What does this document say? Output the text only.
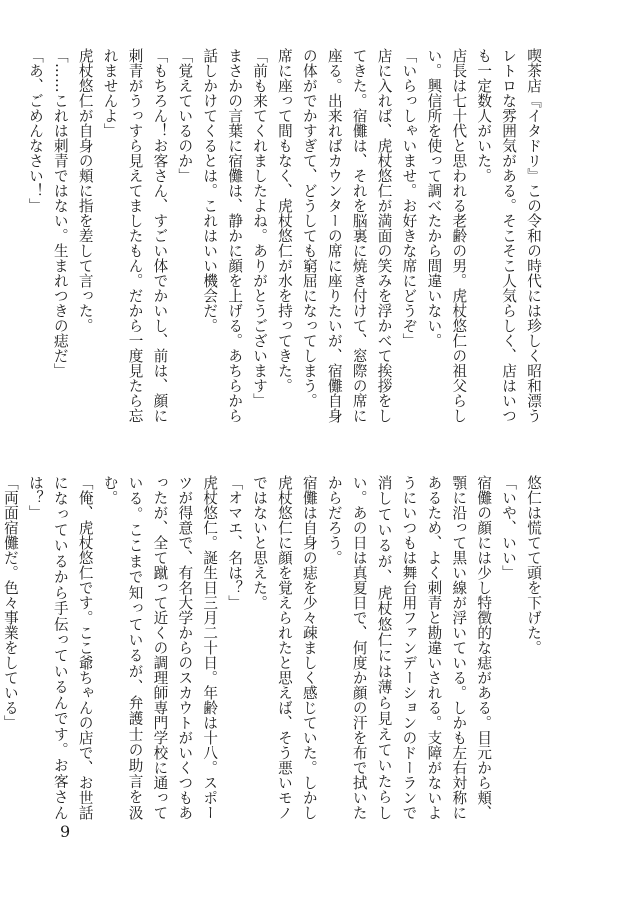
喫茶店『イタドリ』この令和の時代には珍しく昭和漂うレトロな雰囲気がある。そこそこ人気らしく、店はいつも一定数人がいた。

店長は七十代と思われる老齢の男。虎杖悠仁の祖父らしい。興信所を使って調べたから間違いない。

「いらっしゃいませ。お好きな席にどうぞ」

店に入れば、虎杖悠仁が満面の笑みを浮かべて挨拶をしてきた。宿儺は、それを脳裏に焼き付けて、窓際の席に座る。出来ればカウンターの席に座りたいが、宿儺自身の体がでかすぎて、どうしても窮屈になってしまう。

席に座って間もなく、虎杖悠仁が水を持ってきた。

「前も来てくれましたよね。ありがとうございます」

まさかの言葉に宿儺は、静かに顔を上げる。あちらから話しかけてくるとは。これはいい機会だ。

「覚えているのか」

「もちろん！お客さん、すごい体でかいし、前は、顔に刺青がうっすら見えてましたもん。だから一度見たら忘れませんよ」

虎杖悠仁が自身の頬に指を差して言った。

「……これは刺青ではない。生まれつきの痣だ」

「あ、ごめんなさい！」

悠仁は慌てて頭を下げた。

「いや、いい」

宿儺の顔には少し特徴的な痣がある。目元から頬、顎に沿って黒い線が浮いている。しかも左右対称にあるため、よく刺青と勘違いされる。支障がないようにいつもは舞台用ファンデーションのドーランで消しているが、虎杖悠仁には薄ら見えていたらしい。あの日は真夏日で、何度か顔の汗を布で拭いたからだろう。

宿儺は自身の痣を少々疎ましく感じていた。しかし虎杖悠仁に顔を覚えられたと思えば、そう悪いモノではないと思えた。

「オマエ、名は？」

虎杖悠仁。誕生日三月二十日。年齢は十八。スポーツが得意で、有名大学からのスカウトがいくつもあったが、全て蹴って近くの調理師専門学校に通っている。ここまで知っているが、弁護士の助言を汲む。

「俺、虎杖悠仁です。ここ爺ちゃんの店で、お世話になっているから手伝っているんです。お客さんは？」

「両面宿儺だ。色々事業をしている」

9
